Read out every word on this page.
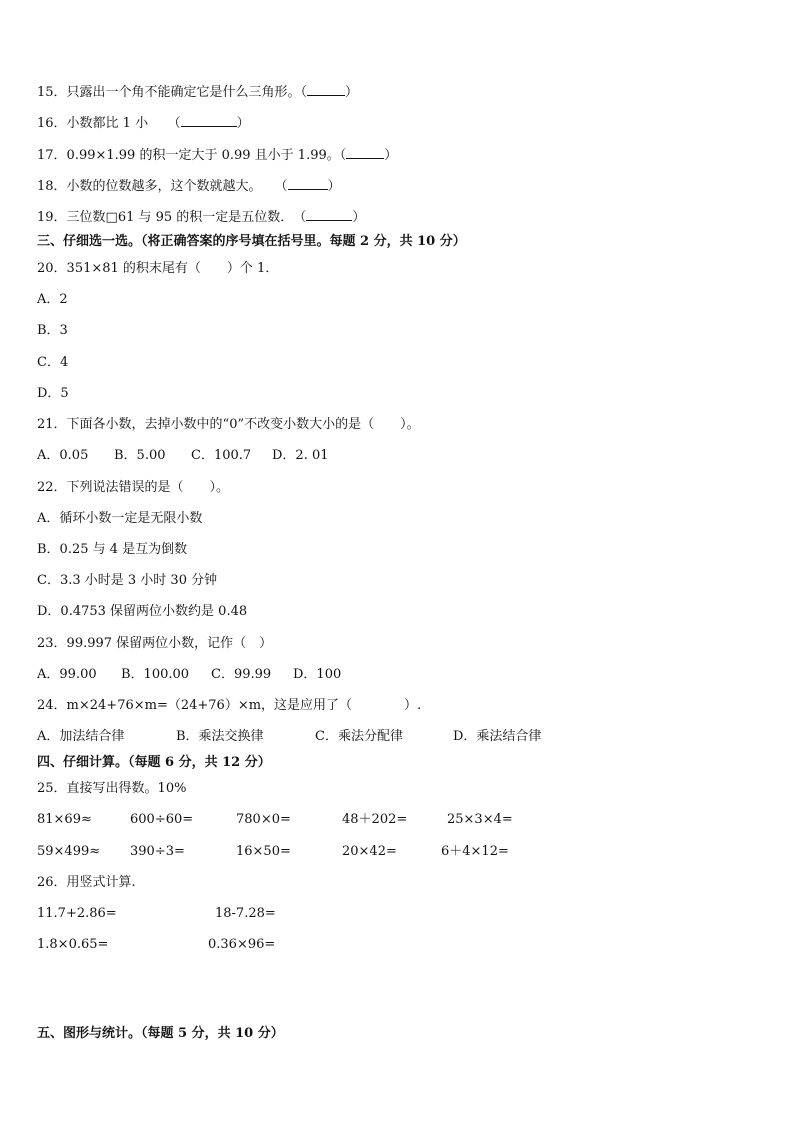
15．只露出一个角不能确定它是什么三角形。（	）
16．小数都比 1 小　　（	）
17．0.99×1.99 的积一定大于 0.99 且小于 1.99。（	）
18．小数的位数越多，这个数就越大。　　（	）
19．三位数□61 与 95 的积一定是五位数．　（	）
三、仔细选一选。（将正确答案的序号填在括号里。每题 2 分，共 10 分）
20．351×81 的积末尾有（　　）个 1．
A．2
B．3
C．4
D．5
21．下面各小数，去掉小数中的“0”不改变小数大小的是（　　）。
A．0.05 B．5.00 C．100.7 D．2. 01
22．下列说法错误的是（　　）。
A．循环小数一定是无限小数
B．0.25 与 4 是互为倒数
C．3.3 小时是 3 小时 30 分钟
D．0.4753 保留两位小数约是 0.48
23．99.997 保留两位小数，记作（　）
A．99.00 B．100.00 C．99.99 D．100
24．m×24+76×m=（24+76）×m，这是应用了（　　　　）.
A．加法结合律	B．乘法交换律	C．乘法分配律	D．乘法结合律
四、仔细计算。（每题 6 分，共 12 分）
25．直接写出得数。10%
81×69≈	600÷60=	780×0=	48＋202=	25×3×4=
59×499≈ 390÷3=	16×50=	20×42=	6＋4×12=
26．用竖式计算.
11.7+2.86=	18-7.28=
1.8×0.65=	0.36×96=
五、图形与统计。（每题 5 分，共 10 分）
